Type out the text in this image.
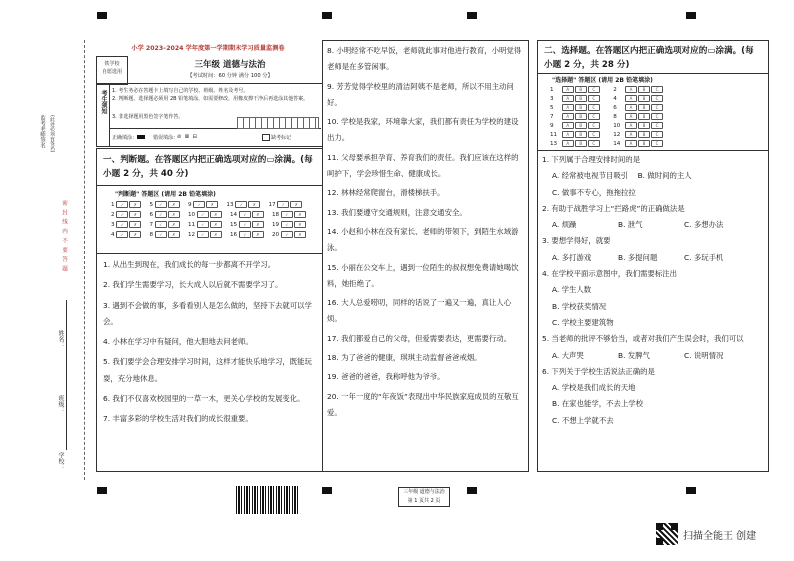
密 封 线 内 不 要 答 题
监考老师签名 (此处必须有签名)
姓名：
班级：
学校：
小学 2023–2024 学年度第一学期期末学习质量监测卷
铁学校
自愿选用
三年级 道德与法治
【考试时间：60 分钟 满分 100 分】
考生须知 1. 考生务必在答题卡上填写自己的学校、班级、姓名及考号。
2. 判断题、选择题必须用 2B 铅笔填涂，如需要修改，用橡皮擦干净后再选涂其他答案。
3. 非选择题用黑色签字笔作答。
正确填涂：	错误填涂：
⊘ ⊠ ⊟	缺考标记
一、判断题。在答题区内把正确选项对应的▭涂满。(每小题 2 分，共 40 分)
"判断题" 答题区 (请用 2B 铅笔填涂)
1 ✓ ✗ 5 ✓ ✗ 9 ✓ ✗ 13 ✓ ✗ 17 ✓ ✗
2 ✓ ✗ 6 ✓ ✗ 10 ✓ ✗ 14 ✓ ✗ 18 ✓ ✗
3 ✓ ✗ 7 ✓ ✗ 11 ✓ ✗ 15 ✓ ✗ 19 ✓ ✗
4 ✓ ✗ 8 ✓ ✗ 12 ✓ ✗ 16 ✓ ✗ 20 ✓ ✗
1. 从出生到现在，我们成长的每一步都离不开学习。
2. 我们学生需要学习，长大成人以后就不需要学习了。
3. 遇到不会做的事，多看看别人是怎么做的，坚持下去就可以学会。
4. 小林在学习中有疑问，他大胆地去问老师。
5. 我们要学会合理安排学习时间，这样才能快乐地学习，既能玩耍，充分地休息。
6. 我们不仅喜欢校园里的一草一木，更关心学校的发展变化。
7. 丰富多彩的学校生活对我们的成长很重要。
8. 小明经常不吃早饭，老师就此事对他进行教育，小明觉得老师是在多管闲事。
9. 芳芳觉得学校里的清洁阿姨不是老师，所以不用主动问好。
10. 学校是我家，环境靠大家，我们都有责任为学校的建设出力。
11. 父母要承担孕育、养育我们的责任。我们应该在这样的呵护下，学会珍惜生命、健康成长。
12. 林林经常爬窗台，滑楼梯扶手。
13. 我们要遵守交通规则，注意交通安全。
14. 小赵和小林在没有家长、老师的带领下，到陌生水域游泳。
15. 小丽在公交车上，遇到一位陌生的叔叔想免费请她喝饮料，她拒绝了。
16. 大人总爱唠叨，同样的话说了一遍又一遍，真让人心烦。
17. 我们都爱自己的父母，但爱需要表达，更需要行动。
18. 为了爸爸的健康，琪琪主动监督爸爸戒烟。
19. 爸爸的爸爸，我称呼他为爷爷。
20. 一年一度的“年夜饭”表现出中华民族家庭成员的互敬互爱。
二、选择题。在答题区内把正确选项对应的▭涂满。(每小题 2 分，共 28 分)
"选择题" 答题区 (请用 2B 铅笔填涂)
1	A	B	C	2	A	B	C
3	A	B	C	4	A	B	C
5	A	B	C	6	A	B	C
7	A	B	C	8	A	B	C
9	A	B	C	10 A	B	C
11 A	B	C	12 A	B	C
13 A	B	C	14 A	B	C
1. 下列属于合理安排时间的是
A. 经常被电视节目吸引 B. 做时间的主人
C. 做事不专心，拖拖拉拉
2. 有助于战胜学习上“拦路虎”的正确做法是
A. 烦躁	B. 泄气	C. 多想办法
3. 要想学得好，就要
A. 多打游戏	B. 多提问题	C. 多玩手机
4. 在学校平面示意图中，我们需要标注出
A. 学生人数
B. 学校获奖情况
C. 学校主要建筑物
5. 当老师的批评不够恰当，或者对我们产生误会时，我们可以
A. 大声哭	B. 发脾气	C. 说明情况
6. 下列关于学校生活说法正确的是
A. 学校是我们成长的天地
B. 在家也能学，不去上学校
C. 不想上学就不去
三年级 道德与法治
第 1 页共 2 页
扫描全能王 创建
